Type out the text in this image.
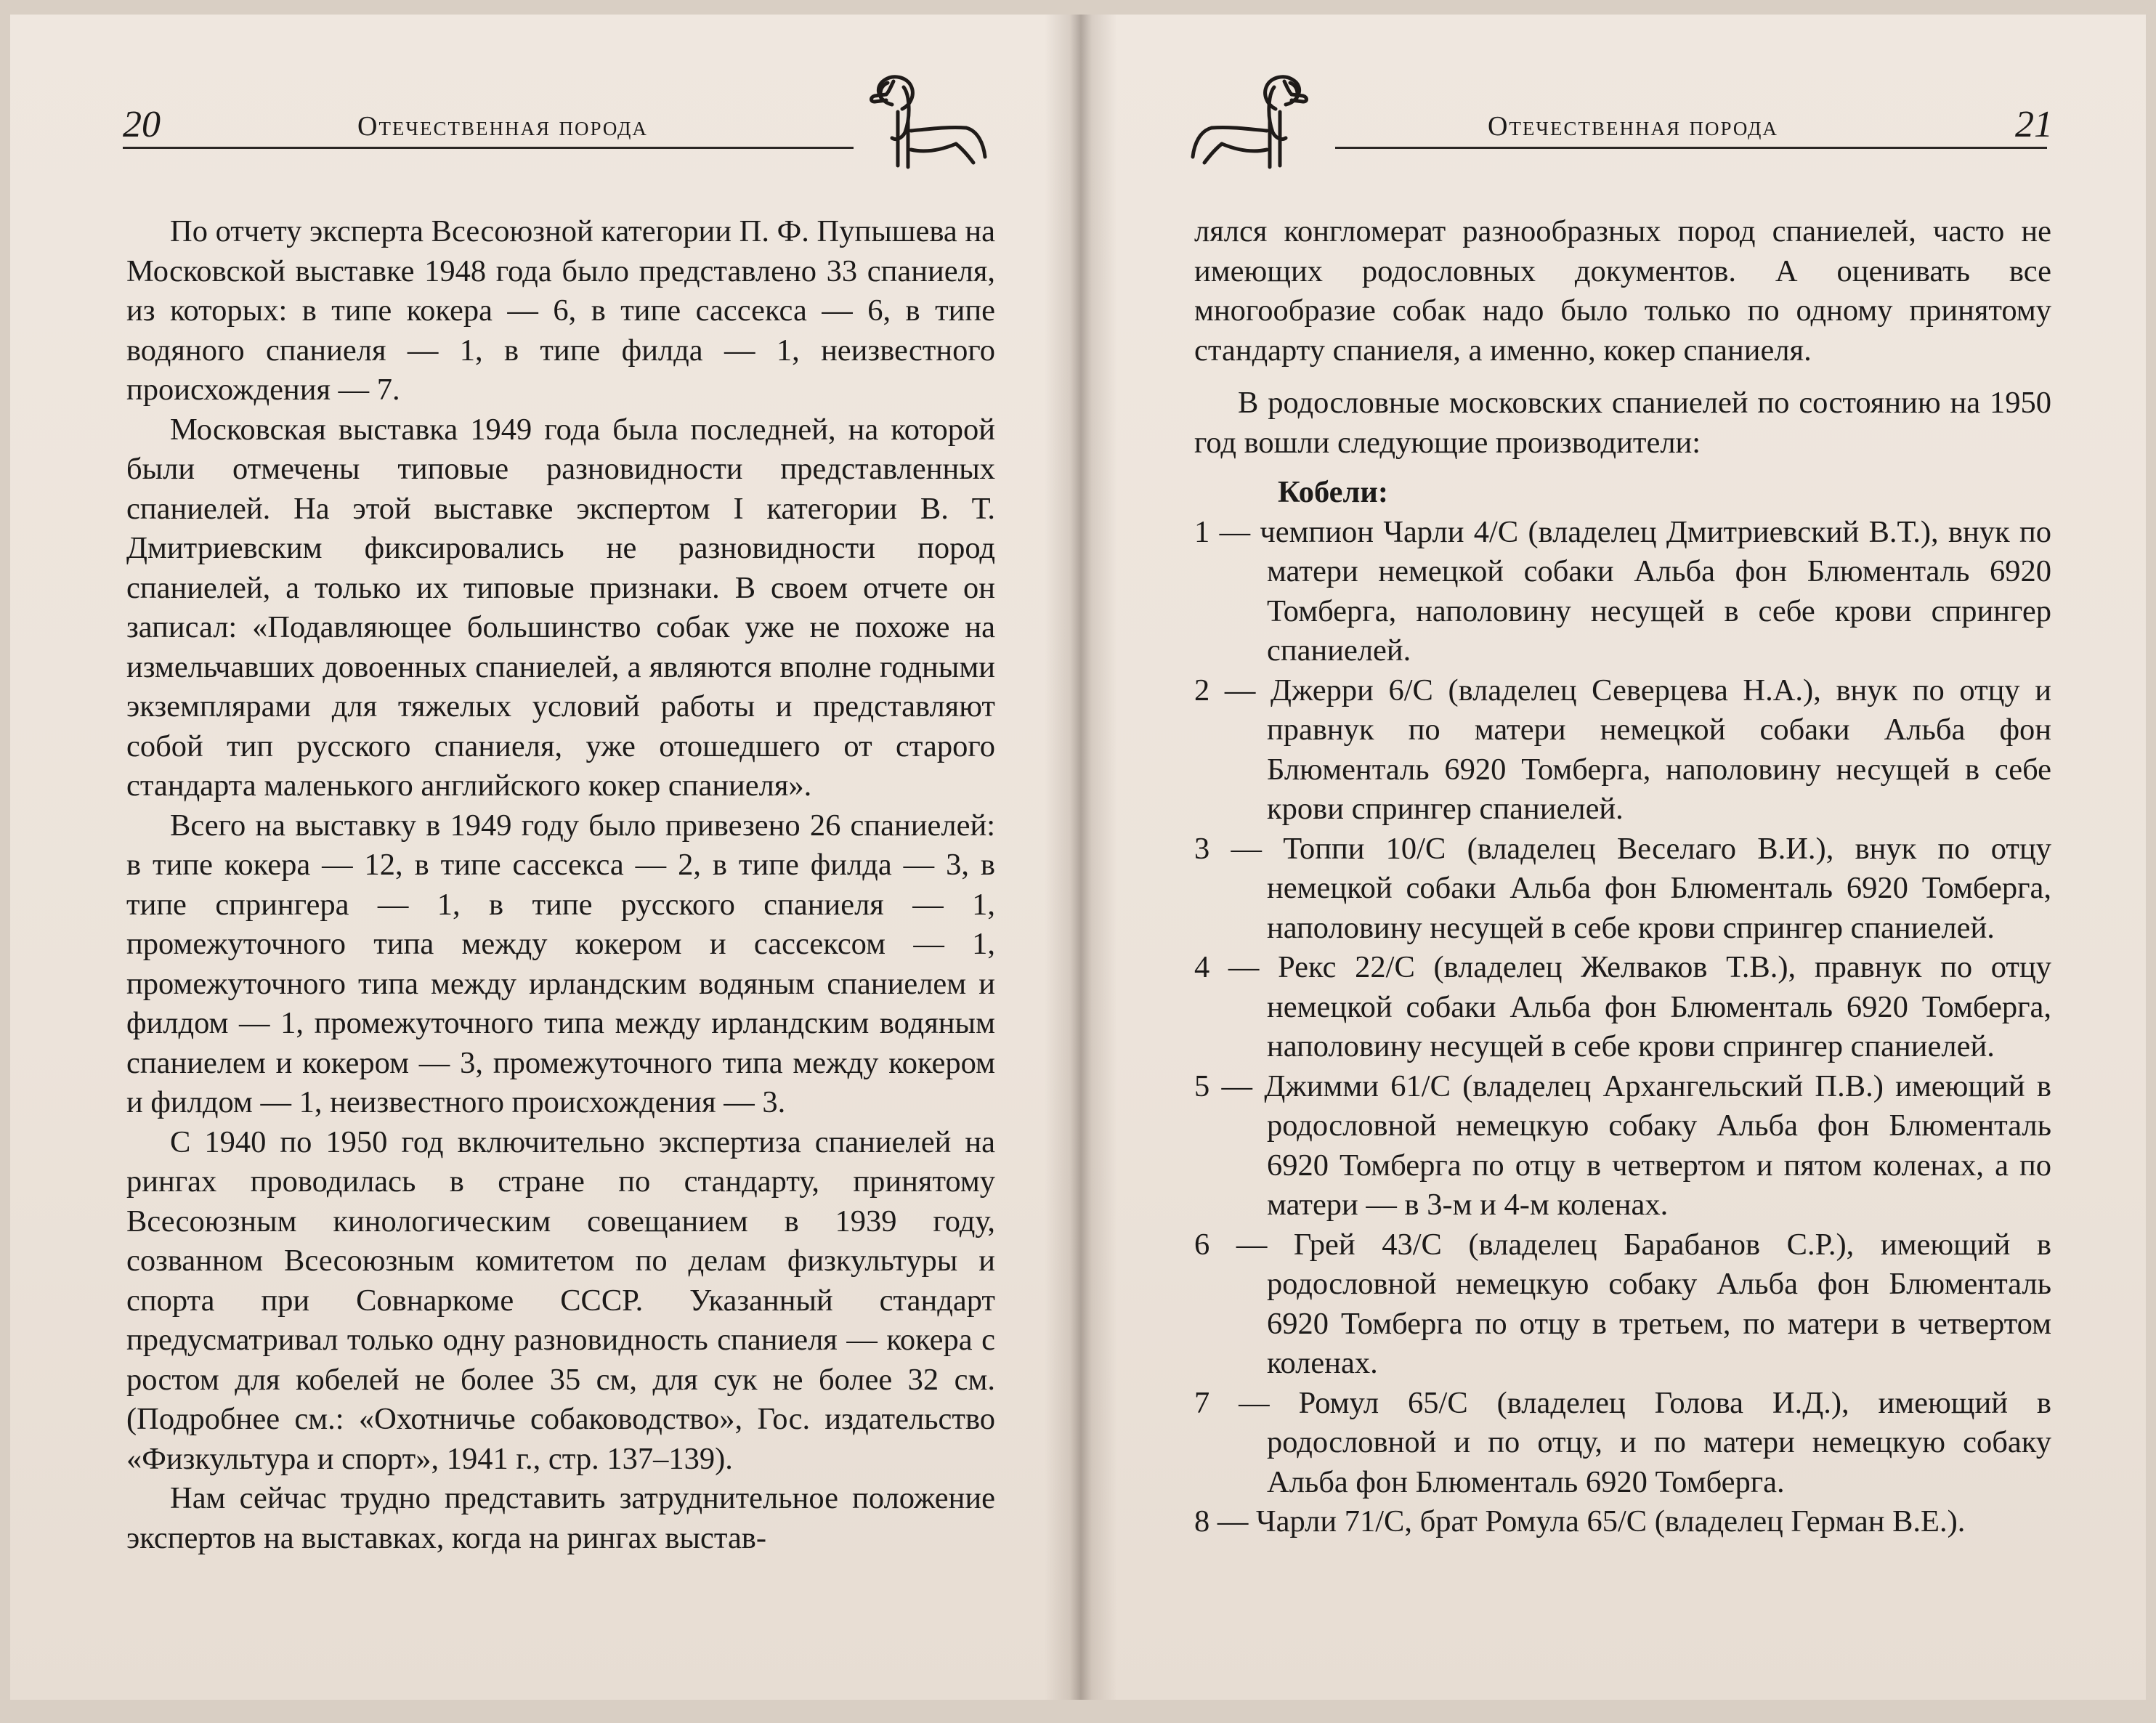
20	Отечественная порода

По отчету эксперта Всесоюзной категории П. Ф. Пупышева на Московской выставке 1948 года было представлено 33 спаниеля, из которых: в типе кокера — 6, в типе сассекса — 6, в типе водяного спаниеля — 1, в типе филда — 1, неизвестного происхождения — 7.

Московская выставка 1949 года была последней, на которой были отмечены типовые разновидности представленных спаниелей. На этой выставке экспертом I категории В. Т. Дмитриевским фиксировались не разновидности пород спаниелей, а только их типовые признаки. В своем отчете он записал: «Подавляющее большинство собак уже не похоже на измельчавших довоенных спаниелей, а являются вполне годными экземплярами для тяжелых условий работы и представляют собой тип русского спаниеля, уже отошедшего от старого стандарта маленького английского кокер спаниеля».

Всего на выставку в 1949 году было привезено 26 спаниелей: в типе кокера — 12, в типе сассекса — 2, в типе филда — 3, в типе спрингера — 1, в типе русского спаниеля — 1, промежуточного типа между кокером и сассексом — 1, промежуточного типа между ирландским водяным спаниелем и филдом — 1, промежуточного типа между ирландским водяным спаниелем и кокером — 3, промежуточного типа между кокером и филдом — 1, неизвестного происхождения — 3.

С 1940 по 1950 год включительно экспертиза спаниелей на рингах проводилась в стране по стандарту, принятому Всесоюзным кинологическим совещанием в 1939 году, созванном Всесоюзным комитетом по делам физкультуры и спорта при Совнаркоме СССР. Указанный стандарт предусматривал только одну разновидность спаниеля — кокера с ростом для кобелей не более 35 см, для сук не более 32 см. (Подробнее см.: «Охотничье собаководство», Гос. издательство «Физкультура и спорт», 1941 г., стр. 137–139).

Нам сейчас трудно представить затруднительное положение экспертов на выставках, когда на рингах выстав-

Отечественная порода	21

лялся конгломерат разнообразных пород спаниелей, часто не имеющих родословных документов. А оценивать все многообразие собак надо было только по одному принятому стандарту спаниеля, а именно, кокер спаниеля.

В родословные московских спаниелей по состоянию на 1950 год вошли следующие производители:

Кобели:

1 — чемпион Чарли 4/С (владелец Дмитриевский В.Т.), внук по матери немецкой собаки Альба фон Блюменталь 6920 Томберга, наполовину несущей в себе крови спрингер спаниелей.

2 — Джерри 6/С (владелец Северцева Н.А.), внук по отцу и правнук по матери немецкой собаки Альба фон Блюменталь 6920 Томберга, наполовину несущей в себе крови спрингер спаниелей.

3 — Топпи 10/С (владелец Веселаго В.И.), внук по отцу немецкой собаки Альба фон Блюменталь 6920 Томберга, наполовину несущей в себе крови спрингер спаниелей.

4 — Рекс 22/С (владелец Желваков Т.В.), правнук по отцу немецкой собаки Альба фон Блюменталь 6920 Томберга, наполовину несущей в себе крови спрингер спаниелей.

5 — Джимми 61/С (владелец Архангельский П.В.) имеющий в родословной немецкую собаку Альба фон Блюменталь 6920 Томберга по отцу в четвертом и пятом коленах, а по матери — в 3-м и 4-м коленах.

6 — Грей 43/С (владелец Барабанов С.Р.), имеющий в родословной немецкую собаку Альба фон Блюменталь 6920 Томберга по отцу в третьем, по матери в четвертом коленах.

7 — Ромул 65/С (владелец Голова И.Д.), имеющий в родословной и по отцу, и по матери немецкую собаку Альба фон Блюменталь 6920 Томберга.

8 — Чарли 71/С, брат Ромула 65/С (владелец Герман В.Е.).
